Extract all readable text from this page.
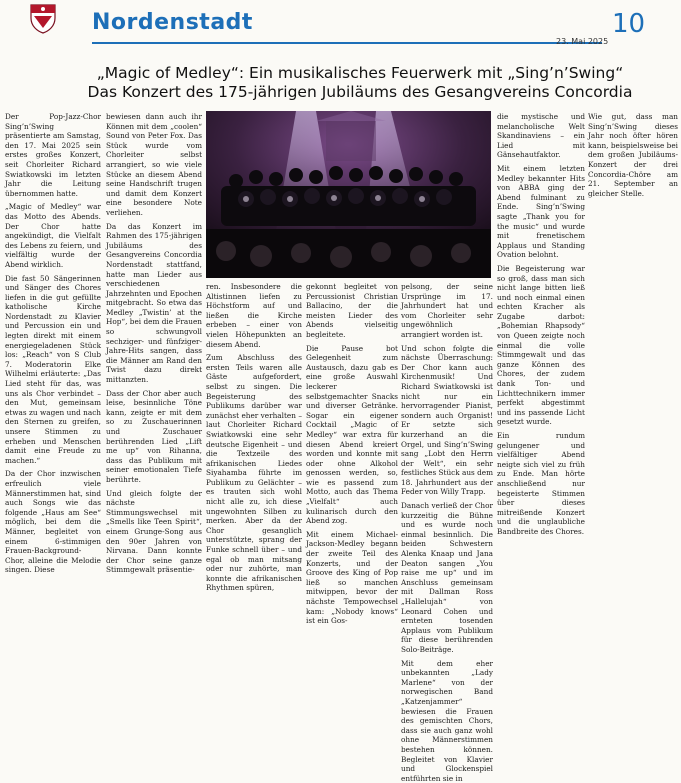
Nordenstadt	10
23. Mai 2025
„Magic of Medley“: Ein musikalisches Feuerwerk mit „Sing’n’Swing“
Das Konzert des 175-jährigen Jubiläums des Gesangvereins Concordia

Der Pop-Jazz-Chor Sing’n’Swing präsentierte am Samstag, den 17. Mai 2025 sein erstes großes Konzert, seit Chorleiter Richard Swiatkowski im letzten Jahr die Leitung übernommen hatte.

„Magic of Medley“ war das Motto des Abends. Der Chor hatte angekündigt, die Vielfalt des Lebens zu feiern, und vielfältig wurde der Abend wirklich.

Die fast 50 Sängerinnen und Sänger des Chores liefen in die gut gefüllte katholische Kirche Nordenstadt zu Klavier und Percussion ein und legten direkt mit einem energiegeladenen Stück los: „Reach“ von S Club 7. Moderatorin Elke Wilhelmi erläuterte: „Das Lied steht für das, was uns als Chor verbindet – den Mut, gemeinsam etwas zu wagen und nach den Sternen zu greifen, unsere Stimmen zu erheben und Menschen damit eine Freude zu machen.“

Da der Chor inzwischen erfreulich viele Männerstimmen hat, sind auch Songs wie das folgende „Haus am See“ möglich, bei dem die Männer, begleitet von einem 6-stimmigen Frauen-Background-Chor, alleine die Melodie singen. Diese

bewiesen dann auch ihr Können mit dem „coolen“ Sound von Peter Fox. Das Stück wurde vom Chorleiter selbst arrangiert, so wie viele Stücke an diesem Abend seine Handschrift trugen und damit dem Konzert eine besondere Note verliehen.

Da das Konzert im Rahmen des 175-jährigen Jubiläums des Gesangvereins Concordia Nordenstadt stattfand, hatte man Lieder aus verschiedenen Jahrzehnten und Epochen mitgebracht. So etwa das Medley „Twistin’ at the Hop“, bei dem die Frauen so schwungvoll sechziger- und fünfziger-Jahre-Hits sangen, dass die Männer am Rand den Twist dazu direkt mittanzten.

Dass der Chor aber auch leise, besinnliche Töne kann, zeigte er mit dem so zu Zuschauerinnen und Zuschauer berührenden Lied „Lift me up“ von Rihanna, dass das Publikum mit seiner emotionalen Tiefe berührte.

Und gleich folgte der nächste Stimmungswechsel mit „Smells like Teen Spirit“, einem Grunge-Song aus den 90er Jahren von Nirvana. Dann konnte der Chor seine ganze Stimmgewalt präsentie-

ren. Insbesondere die Altistinnen liefen zu Höchstform auf und ließen die Kirche erbeben – einer von vielen Höhepunkten an diesem Abend.

Zum Abschluss des ersten Teils waren alle Gäste aufgefordert, selbst zu singen. Die Begeisterung des Publikums darüber war zunächst eher verhalten – laut Chorleiter Richard Swiatkowski eine sehr deutsche Eigenheit – und die Textzeile des afrikanischen Liedes Siyahamba führte im Publikum zu Gelächter – es trauten sich wohl nicht alle zu, ich diese ungewohnten Silben zu merken. Aber da der Chor gesanglich unterstützte, sprang der Funke schnell über – und egal ob man mitsang oder nur zuhörte, man konnte die afrikanischen Rhythmen spüren,

gekonnt begleitet von Percussionist Christian Ballacino, der die meisten Lieder des Abends vielseitig begleitete.

Die Pause bot Gelegenheit zum Austausch, dazu gab es eine große Auswahl leckerer selbstgemachter Snacks und diverser Getränke. Sogar ein eigener Cocktail „Magic of Medley“ war extra für diesen Abend kreiert worden und konnte mit oder ohne Alkohol genossen werden, so, wie es passend zum Motto, auch das Thema „Vielfalt“ auch kulinarisch durch den Abend zog.

Mit einem Michael-Jackson-Medley begann der zweite Teil des Konzerts, und der Groove des King of Pop ließ so manchen mitwippen, bevor der nächste Tempowechsel kam: „Nobody knows“ ist ein Gos-

pelsong, der seine Ursprünge im 17. Jahrhundert hat und vom Chorleiter sehr ungewöhnlich arrangiert worden ist.

Und schon folgte die nächste Überraschung: Der Chor kann auch Kirchenmusik! Und Richard Swiatkowski ist nicht nur ein hervorragender Pianist, sondern auch Organist! Er setzte sich kurzerhand an die Orgel, und Sing’n’Swing sang „Lobt den Herrn der Welt“, ein sehr festliches Stück aus dem 18. Jahrhundert aus der Feder von Willy Trapp.

Danach verließ der Chor kurzzeitig die Bühne und es wurde noch einmal besinnlich. Die beiden Schwestern Alenka Knaap und Jana Deaton sangen „You raise me up“ und im Anschluss gemeinsam mit Dallman Ross „Hallelujah“ von Leonard Cohen und ernteten tosenden Applaus vom Publikum für diese berührenden Solo-Beiträge.

Mit dem eher unbekannten „Lady Marlene“ von der norwegischen Band „Katzenjammer“ bewiesen die Frauen des gemischten Chors, dass sie auch ganz wohl ohne Männerstimmen bestehen können. Begleitet von Klavier und Glockenspiel entführten sie in

die mystische und melancholische Welt Skandinaviens – ein Lied mit Gänsehautfaktor.

Mit einem letzten Medley bekannter Hits von ABBA ging der Abend fulminant zu Ende. Sing’n’Swing sagte „Thank you for the music“ und wurde mit frenetischem Applaus und Standing Ovation belohnt.

Die Begeisterung war so groß, dass man sich nicht lange bitten ließ und noch einmal einen echten Kracher als Zugabe darbot: „Bohemian Rhapsody“ von Queen zeigte noch einmal die volle Stimmgewalt und das ganze Können des Chores, der zudem dank Ton- und Lichttechnikern immer perfekt abgestimmt und ins passende Licht gesetzt wurde.

Ein rundum gelungener und vielfältiger Abend neigte sich viel zu früh zu Ende. Man hörte anschließend nur begeisterte Stimmen über dieses mitreißende Konzert und die unglaubliche Bandbreite des Chores.

Wie gut, dass man Sing’n’Swing dieses Jahr noch öfter hören kann, beispielsweise bei dem großen Jubiläums-Konzert der drei Concordia-Chöre am 21. September an gleicher Stelle.
